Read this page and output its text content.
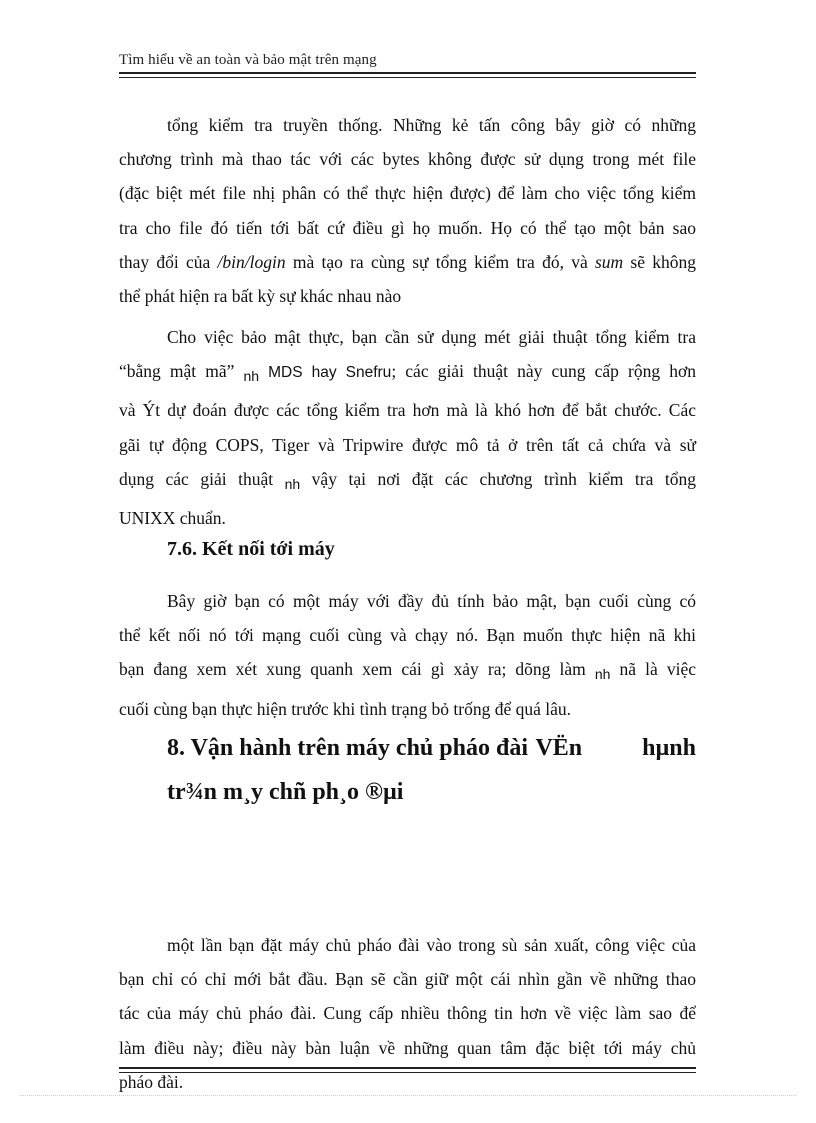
Tìm hiểu về an toàn và bảo mật trên mạng
tổng kiểm tra truyền thống. Những kẻ tấn công bây giờ có những
chương trình mà thao tác với các bytes không được sử dụng trong mét file
(đặc biệt mét file nhị phân có thể thực hiện được) để làm cho việc tổng kiểm
tra cho file đó tiến tới bất cứ điều gì họ muốn. Họ có thể tạo một bản sao
thay đổi của /bin/login mà tạo ra cùng sự tổng kiểm tra đó, và sum sẽ không
thể phát hiện ra bất kỳ sự khác nhau nào
Cho việc bảo mật thực, bạn cần sử dụng mét giải thuật tổng kiểm tra
“bằng mật mã” $_{nh}$ MDS hay Snefru; các giải thuật này cung cấp rộng hơn
và Ýt dự đoán được các tổng kiểm tra hơn mà là khó hơn để bắt chước. Các
gãi tự động COPS, Tiger và Tripwire được mô tả ở trên tất cả chứa và sử
dụng các giải thuật $_{nh}$ vậy tại nơi đặt các chương trình kiểm tra tổng
UNIXX chuẩn.
7.6. Kết nối tới máy
Bây giờ bạn có một máy với đầy đủ tính bảo mật, bạn cuối cùng có
thể kết nối nó tới mạng cuối cùng và chạy nó. Bạn muốn thực hiện nã khi
bạn đang xem xét xung quanh xem cái gì xảy ra; dõng làm $_{nh}$ nã là việc
cuối cùng bạn thực hiện trước khi tình trạng bỏ trống để quá lâu.
8. Vận hành trên máy chủ pháo đài VËn	hµnh
tr¾n m¸y chñ ph¸o ®µi
một lần bạn đặt máy chủ pháo đài vào trong sù sản xuất, công việc của
bạn chỉ có chỉ mới bắt đầu. Bạn sẽ cần giữ một cái nhìn gần về những thao
tác của máy chủ pháo đài. Cung cấp nhiều thông tin hơn về việc làm sao để
làm điều này; điều này bàn luận về những quan tâm đặc biệt tới máy chủ
pháo đài.
